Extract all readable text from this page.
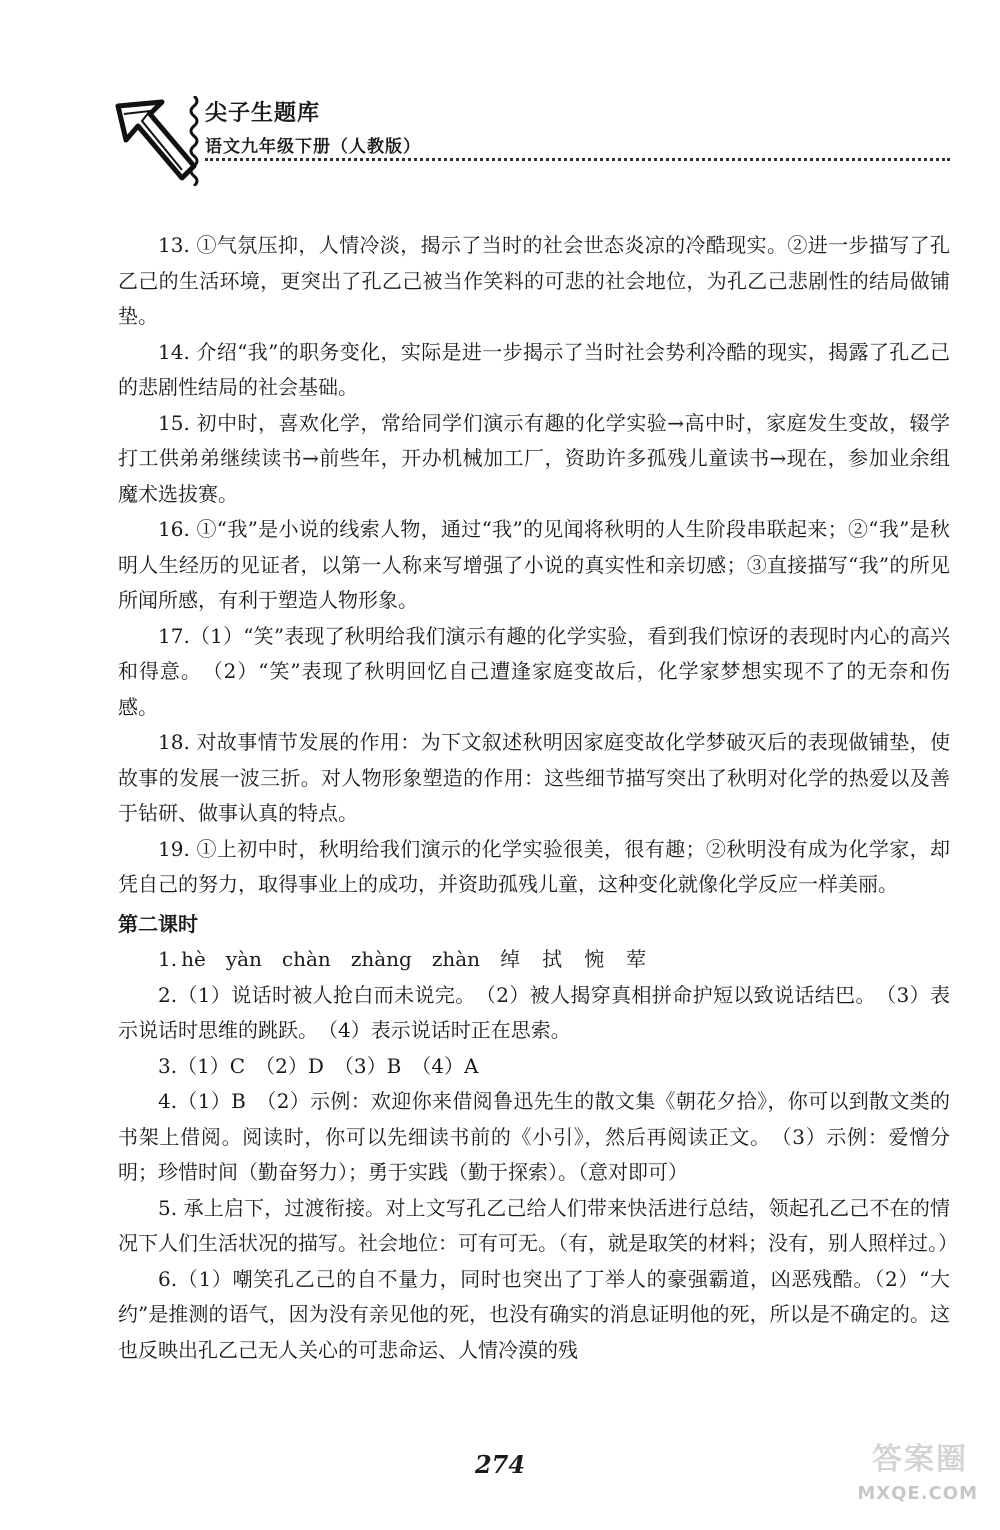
尖子生题库
语文九年级下册（人教版）

13. ①气氛压抑，人情冷淡，揭示了当时的社会世态炎凉的冷酷现实。②进一步描写了孔乙己的生活环境，更突出了孔乙己被当作笑料的可悲的社会地位，为孔乙己悲剧性的结局做铺垫。

14. 介绍“我”的职务变化，实际是进一步揭示了当时社会势利冷酷的现实，揭露了孔乙己的悲剧性结局的社会基础。

15. 初中时，喜欢化学，常给同学们演示有趣的化学实验→高中时，家庭发生变故，辍学打工供弟弟继续读书→前些年，开办机械加工厂，资助许多孤残儿童读书→现在，参加业余组魔术选拔赛。

16. ①“我”是小说的线索人物，通过“我”的见闻将秋明的人生阶段串联起来；②“我”是秋明人生经历的见证者，以第一人称来写增强了小说的真实性和亲切感；③直接描写“我”的所见所闻所感，有利于塑造人物形象。

17.（1）“笑”表现了秋明给我们演示有趣的化学实验，看到我们惊讶的表现时内心的高兴和得意。　（2）“笑”表现了秋明回忆自己遭逢家庭变故后，化学家梦想实现不了的无奈和伤感。

18. 对故事情节发展的作用：为下文叙述秋明因家庭变故化学梦破灭后的表现做铺垫，使故事的发展一波三折。对人物形象塑造的作用：这些细节描写突出了秋明对化学的热爱以及善于钻研、做事认真的特点。

19. ①上初中时，秋明给我们演示的化学实验很美，很有趣；②秋明没有成为化学家，却凭自己的努力，取得事业上的成功，并资助孤残儿童，这种变化就像化学反应一样美丽。

第二课时

1. hè yàn chàn zhàng zhàn 绰 拭 惋 荤

2.（1）说话时被人抢白而未说完。　（2）被人揭穿真相拼命护短以致说话结巴。　（3）表示说话时思维的跳跃。　（4）表示说话时正在思索。

3.（1）C　（2）D　（3）B　（4）A

4.（1）B　（2）示例：欢迎你来借阅鲁迅先生的散文集《朝花夕拾》，你可以到散文类的书架上借阅。阅读时，你可以先细读书前的《小引》，然后再阅读正文。　（3）示例：爱憎分明；珍惜时间（勤奋努力）；勇于实践（勤于探索）。（意对即可）

5. 承上启下，过渡衔接。对上文写孔乙己给人们带来快活进行总结，领起孔乙己不在的情况下人们生活状况的描写。社会地位：可有可无。（有，就是取笑的材料；没有，别人照样过。）

6.（1）嘲笑孔乙己的自不量力，同时也突出了丁举人的豪强霸道，凶恶残酷。（2）“大约”是推测的语气，因为没有亲见他的死，也没有确实的消息证明他的死，所以是不确定的。这也反映出孔乙己无人关心的可悲命运、人情冷漠的残

274	答案圈
MXQE.COM
